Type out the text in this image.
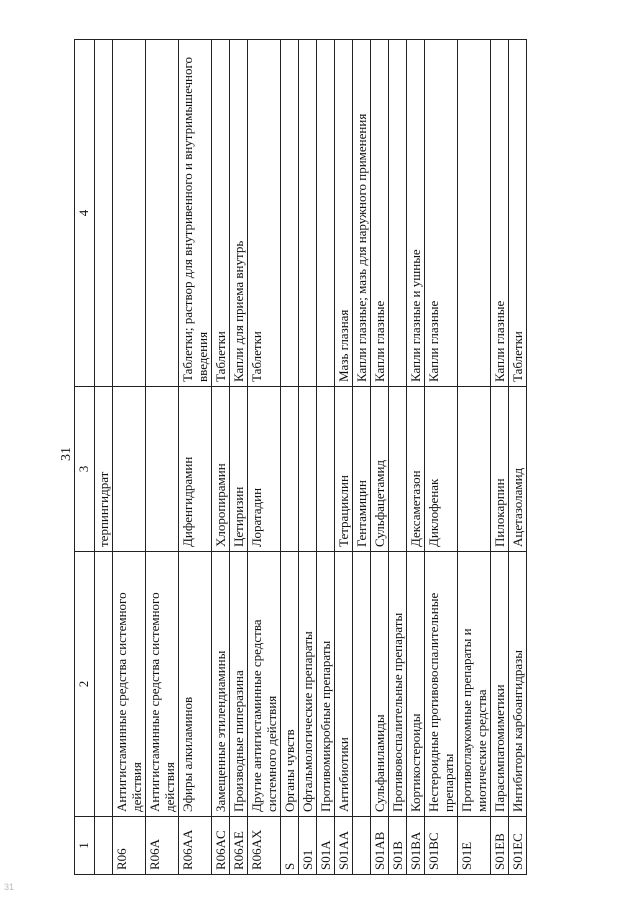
31
1	2	3	4
		терпингидрат	
R06	Антигистаминные средства системного действия		
R06A	Антигистаминные средства системного действия		
R06AA	Эфиры алкиламинов	Дифенгидрамин	Таблетки; раствор для внутривенного и внутримышечного введения
R06AC	Замещенные этилендиамины	Хлоропирамин	Таблетки
R06AE	Производные пиперазина	Цетиризин	Капли для приема внутрь
R06AX	Другие антигистаминные средства системного действия	Лоратадин	Таблетки
S	Органы чувств		
S01	Офтальмологические препараты		
S01A	Противомикробные препараты		
S01AA	Антибиотики	Тетрациклин	Мазь глазная
		Гентамицин	Капли глазные; мазь для наружного применения
S01AB	Сульфаниламиды	Сульфацетамид	Капли глазные
S01B	Противовоспалительные препараты		
S01BA	Кортикостероиды	Дексаметазон	Капли глазные и ушные
S01BC	Нестероидные противовоспалительные препараты	Диклофенак	Капли глазные
S01E	Противоглаукомные препараты и миотические средства		
S01EB	Парасимпатомиметики	Пилокарпин	Капли глазные
S01EC	Ингибиторы карбоангидразы	Ацетазоламид	Таблетки
31
